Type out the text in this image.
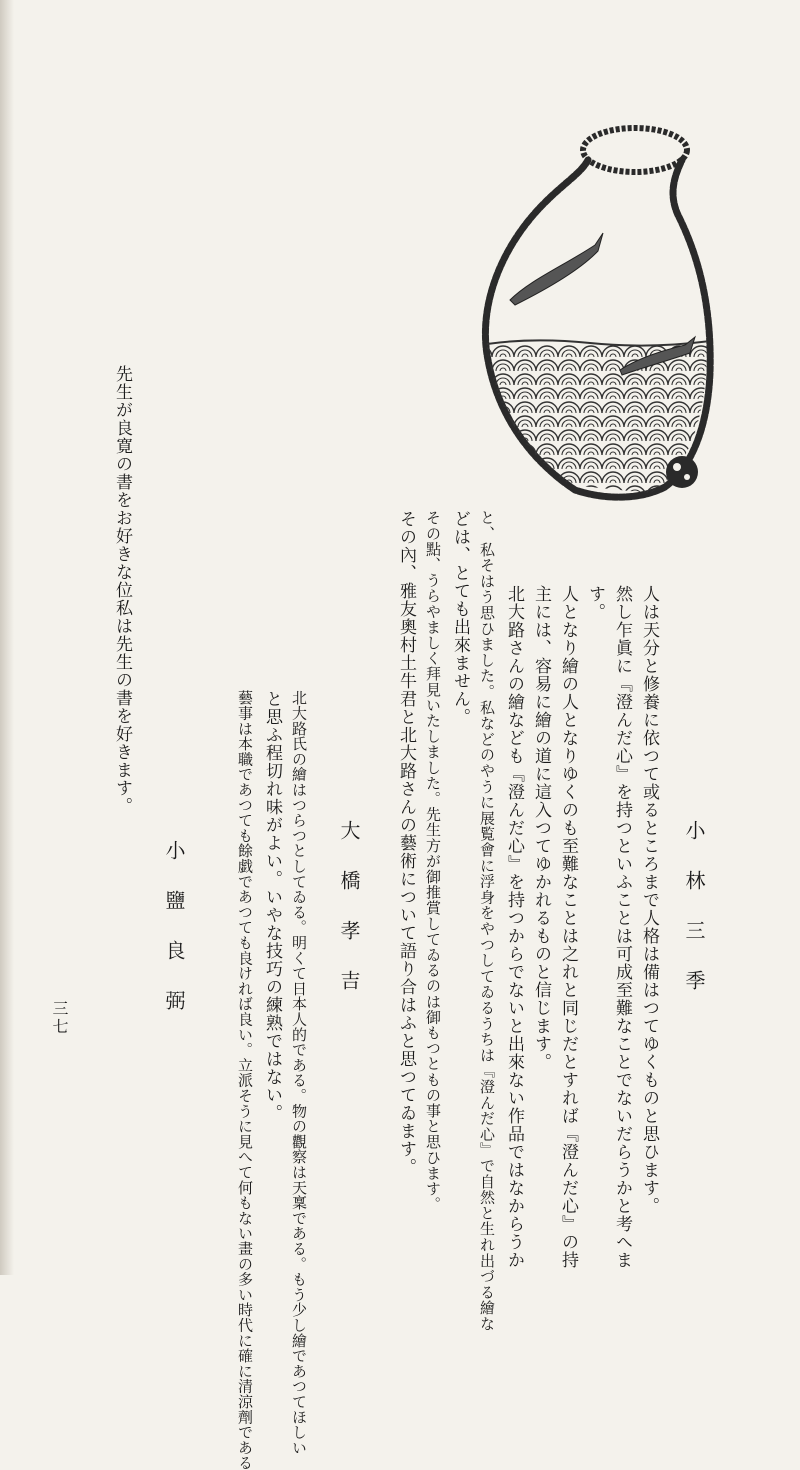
小林三季
人は天分と修養に依つて或るところまで人格は備はつてゆくものと思ひます。
然し乍眞に『澄んだ心』を持つといふことは可成至難なことでないだらうかと考へま
す。
人となり繪の人となりゆくのも至難なことは之れと同じだとすれば『澄んだ心』の持
主には、容易に繪の道に這入つてゆかれるものと信じます。
北大路さんの繪なども『澄んだ心』を持つからでないと出來ない作品ではなからうか
と、私そはう思ひました。私などのやうに展覧會に浮身をやつしてゐるうちは『澄んだ心』で自然と生れ出づる繪な
どは、とても出來ません。
その點、うらやましく拜見いたしました。先生方が御推賞してゐるのは御もつともの事と思ひます。
その內、雅友奧村土牛君と北大路さんの藝術について語り合はふと思つてゐます。
大橋孝吉
北大路氏の繪はつらつとしてゐる。明くて日本人的である。物の觀察は天稟である。もう少し繪であつてほしい
と思ふ程切れ味がよい。いやな技巧の練熟ではない。
藝事は本職であつても餘戯であつても良ければ良い。立派そうに見へて何もない畫の多い時代に確に清涼劑である
小鹽良弼
先生が良寛の書をお好きな位私は先生の書を好きます。
三七
